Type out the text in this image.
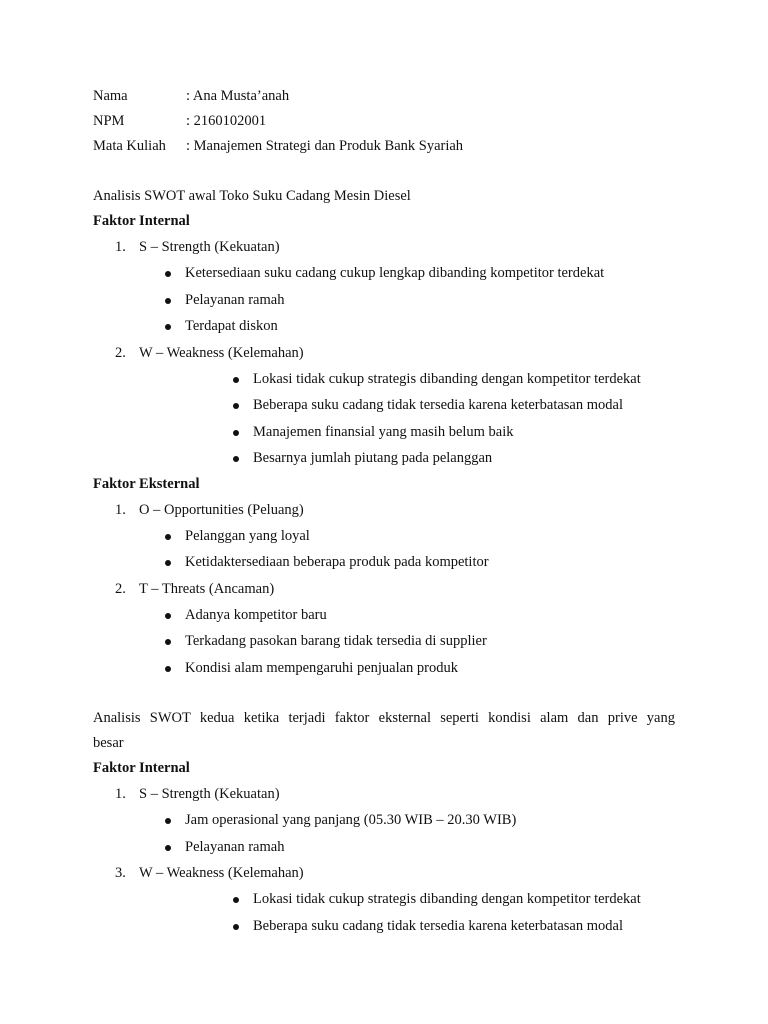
Nama	: Ana Musta’anah
NPM	: 2160102001
Mata Kuliah	: Manajemen Strategi dan Produk Bank Syariah
Analisis SWOT awal Toko Suku Cadang Mesin Diesel
Faktor Internal
1. S – Strength (Kekuatan)
Ketersediaan suku cadang cukup lengkap dibanding kompetitor terdekat
Pelayanan ramah
Terdapat diskon
2. W – Weakness (Kelemahan)
Lokasi tidak cukup strategis dibanding dengan kompetitor terdekat
Beberapa suku cadang tidak tersedia karena keterbatasan modal
Manajemen finansial yang masih belum baik
Besarnya jumlah piutang pada pelanggan
Faktor Eksternal
1. O – Opportunities (Peluang)
Pelanggan yang loyal
Ketidaktersediaan beberapa produk pada kompetitor
2. T – Threats (Ancaman)
Adanya kompetitor baru
Terkadang pasokan barang tidak tersedia di supplier
Kondisi alam mempengaruhi penjualan produk
Analisis SWOT kedua ketika terjadi faktor eksternal seperti kondisi alam dan prive yang
besar
Faktor Internal
1. S – Strength (Kekuatan)
Jam operasional yang panjang (05.30 WIB – 20.30 WIB)
Pelayanan ramah
3. W – Weakness (Kelemahan)
Lokasi tidak cukup strategis dibanding dengan kompetitor terdekat
Beberapa suku cadang tidak tersedia karena keterbatasan modal
